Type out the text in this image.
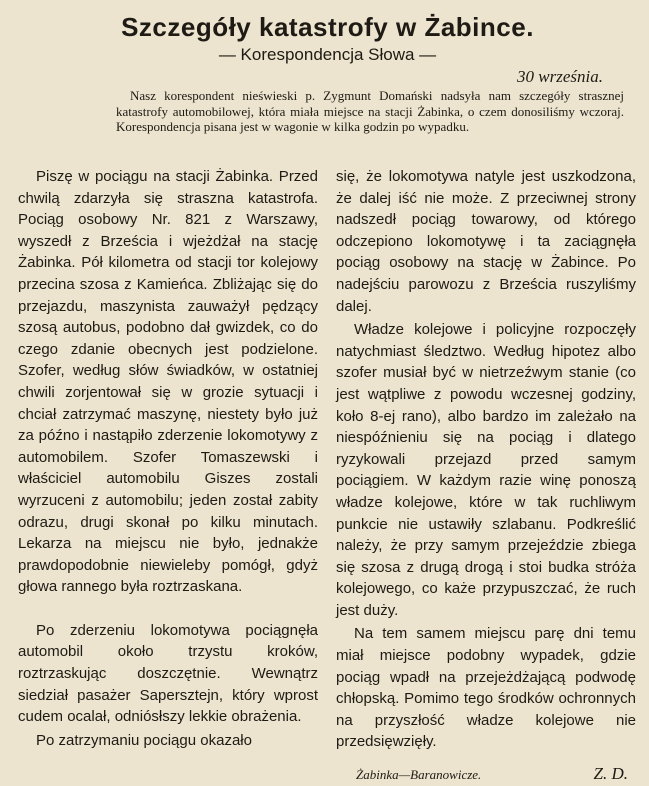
Szczegóły katastrofy w Żabince.
— Korespondencja Słowa —
30 września.
Nasz korespondent nieświeski p. Zygmunt Domański nadsyła nam szczegóły strasznej katastrofy automobilowej, która miała miejsce na stacji Żabinka, o czem donosiliśmy wczoraj. Korespondencja pisana jest w wagonie w kilka godzin po wypadku.

Piszę w pociągu na stacji Żabinka. Przed chwilą zdarzyła się straszna katastrofa. Pociąg osobowy Nr. 821 z Warszawy, wyszedł z Brześcia i wjeżdżał na stację Żabinka. Pół kilometra od stacji tor kolejowy przecina szosa z Kamieńca. Zbliżając się do przejazdu, maszynista zauważył pędzący szosą autobus, podobno dał gwizdek, co do czego zdanie obecnych jest podzielone. Szofer, według słów świadków, w ostatniej chwili zorjentował się w grozie sytuacji i chciał zatrzymać maszynę, niestety było już za późno i nastąpiło zderzenie lokomotywy z automobilem. Szofer Tomaszewski i właściciel automobilu Giszes zostali wyrzuceni z automobilu; jeden został zabity odrazu, drugi skonał po kilku minutach. Lekarza na miejscu nie było, jednakże prawdopodobnie niewieleby pomógł, gdyż głowa rannego była roztrzaskana.

Po zderzeniu lokomotywa pociągnęła automobil około trzystu kroków, roztrzaskując doszczętnie. Wewnątrz siedział pasażer Sapersztejn, który wprost cudem ocalał, odniósłszy lekkie obrażenia.

Po zatrzymaniu pociągu okazało

się, że lokomotywa natyle jest uszkodzona, że dalej iść nie może. Z przeciwnej strony nadszedł pociąg towarowy, od którego odczepiono lokomotywę i ta zaciągnęła pociąg osobowy na stację w Żabince. Po nadejściu parowozu z Brześcia ruszyliśmy dalej.

Władze kolejowe i policyjne rozpoczęły natychmiast śledztwo. Według hipotez albo szofer musiał być w nietrzeźwym stanie (co jest wątpliwe z powodu wczesnej godziny, koło 8-ej rano), albo bardzo im zależało na niespóźnieniu się na pociąg i dlatego ryzykowali przejazd przed samym pociągiem. W każdym razie winę ponoszą władze kolejowe, które w tak ruchliwym punkcie nie ustawiły szlabanu. Podkreślić należy, że przy samym przejeździe zbiega się szosa z drugą drogą i stoi budka stróża kolejowego, co każe przypuszczać, że ruch jest duży.

Na tem samem miejscu parę dni temu miał miejsce podobny wypadek, gdzie pociąg wpadł na przejeżdżającą podwodę chłopską. Pomimo tego środków ochronnych na przyszłość władze kolejowe nie przedsięwzięły.

Żabinka—Baranowicze.	Z. D.
